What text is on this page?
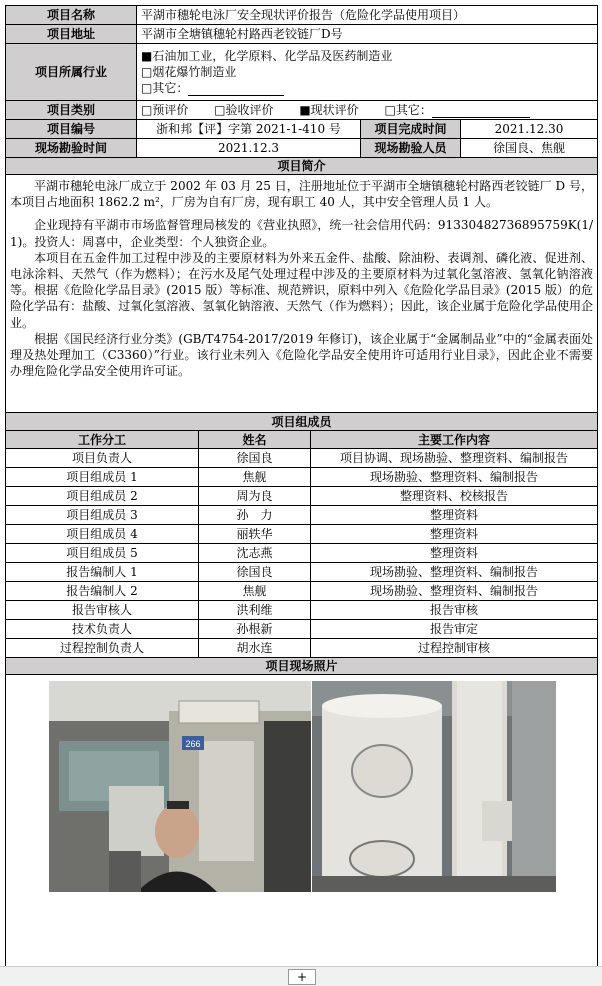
项目名称	平湖市穗轮电泳厂安全现状评价报告（危险化学品使用项目）		
项目地址	平湖市全塘镇穗轮村路西老铰链厂D号		
项目所属行业	■石油加工业，化学原料、化学品及医药制造业
□烟花爆竹制造业
□其它：		

项目类别	□预评价 □验收评价 ■现状评价 □其它：		
项目编号	浙和邦【评】字第 2021-1-410 号	项目完成时间	2021.12.30
现场勘验时间	2021.12.3	现场勘验人员	徐国良、焦舰
项目简介			

平湖市穗轮电泳厂成立于 2002 年 03 月 25 日，注册地址位于平湖市全塘镇穗轮村路西老铰链厂 D 号，本项目占地面积 1862.2 m²，厂房为自有厂房，现有职工 40 人，其中安全管理人员 1 人。

企业现持有平湖市市场监督管理局核发的《营业执照》，统一社会信用代码：91330482736895759K(1/1)。投资人：周喜中，企业类型：个人独资企业。

本项目在五金件加工过程中涉及的主要原材料为外来五金件、盐酸、除油粉、表调剂、磷化液、促进剂、电泳涂料、天然气（作为燃料）；在污水及尾气处理过程中涉及的主要原材料为过氧化氢溶液、氢氧化钠溶液等。根据《危险化学品目录》(2015 版）等标准、规范辨识，原料中列入《危险化学品目录》(2015 版）的危险化学品有：盐酸、过氧化氢溶液、氢氧化钠溶液、天然气（作为燃料）；因此，该企业属于危险化学品使用企业。

根据《国民经济行业分类》(GB/T4754-2017/2019 年修订)，该企业属于“金属制品业”中的“金属表面处理及热处理加工（C3360）”行业。该行业未列入《危险化学品安全使用许可适用行业目录》，因此企业不需要办理危险化学品安全使用许可证。			

项目组成员		
工作分工	姓名	主要工作内容
项目负责人	徐国良	项目协调、现场勘验、整理资料、编制报告
项目组成员 1	焦舰	现场勘验、整理资料、编制报告
项目组成员 2	周为良	整理资料、校核报告
项目组成员 3	孙　力	整理资料
项目组成员 4	丽轶华	整理资料
项目组成员 5	沈志燕	整理资料
报告编制人 1	徐国良	现场勘验、整理资料、编制报告
报告编制人 2	焦舰	现场勘验、整理资料、编制报告
报告审核人	洪利维	报告审核
技术负责人	孙根新	报告审定
过程控制负责人	胡水连	过程控制审核
项目现场照片		

266		
+
